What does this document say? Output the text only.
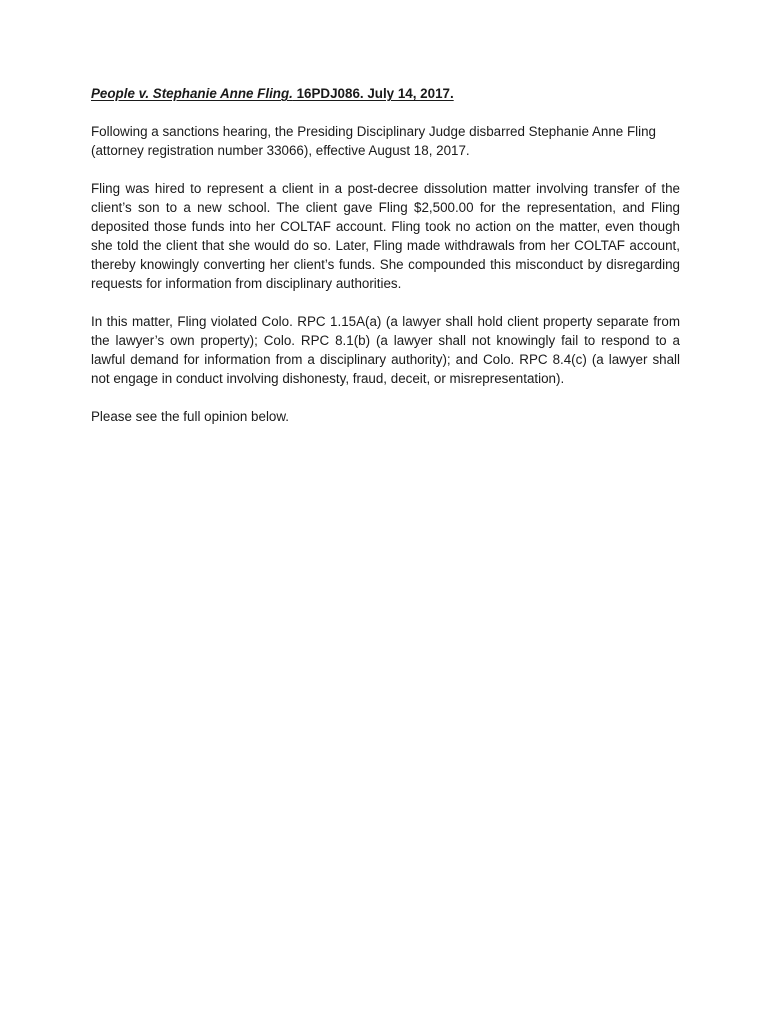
People v. Stephanie Anne Fling. 16PDJ086. July 14, 2017.

Following a sanctions hearing, the Presiding Disciplinary Judge disbarred Stephanie Anne Fling (attorney registration number 33066), effective August 18, 2017.

Fling was hired to represent a client in a post-decree dissolution matter involving transfer of the client’s son to a new school. The client gave Fling $2,500.00 for the representation, and Fling deposited those funds into her COLTAF account. Fling took no action on the matter, even though she told the client that she would do so. Later, Fling made withdrawals from her COLTAF account, thereby knowingly converting her client’s funds. She compounded this misconduct by disregarding requests for information from disciplinary authorities.

In this matter, Fling violated Colo. RPC 1.15A(a) (a lawyer shall hold client property separate from the lawyer’s own property); Colo. RPC 8.1(b) (a lawyer shall not knowingly fail to respond to a lawful demand for information from a disciplinary authority); and Colo. RPC 8.4(c) (a lawyer shall not engage in conduct involving dishonesty, fraud, deceit, or misrepresentation).

Please see the full opinion below.
